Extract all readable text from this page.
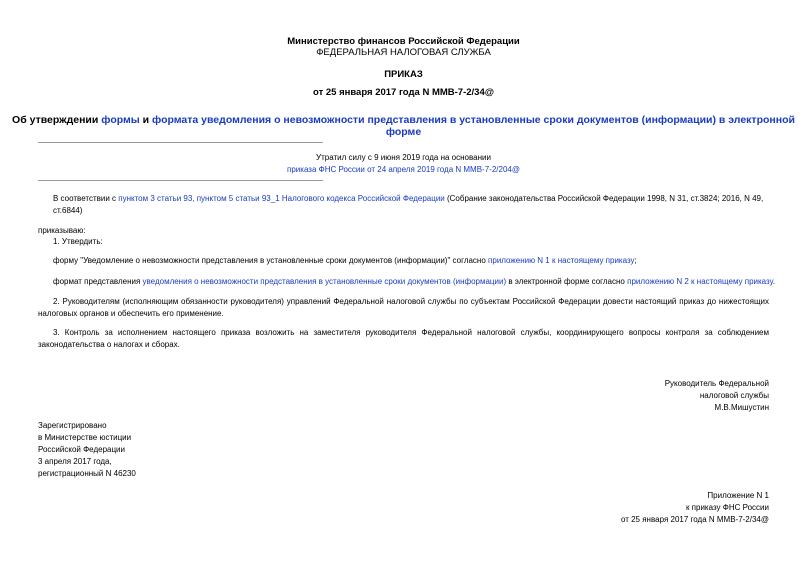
Министерство финансов Российской Федерации
ФЕДЕРАЛЬНАЯ НАЛОГОВАЯ СЛУЖБА
ПРИКАЗ
от 25 января 2017 года N ММВ-7-2/34@
Об утверждении формы и формата уведомления о невозможности представления в установленные сроки документов (информации) в электронной форме
Утратил силу с 9 июня 2019 года на основании
приказа ФНС России от 24 апреля 2019 года N ММВ-7-2/204@
В соответствии с пунктом 3 статьи 93, пунктом 5 статьи 93_1 Налогового кодекса Российской Федерации (Собрание законодательства Российской Федерации 1998, N 31, ст.3824; 2016, N 49, ст.6844)
приказываю:
1. Утвердить:
форму "Уведомление о невозможности представления в установленные сроки документов (информации)" согласно приложению N 1 к настоящему приказу;
формат представления уведомления о невозможности представления в установленные сроки документов (информации) в электронной форме согласно приложению N 2 к настоящему приказу.
2. Руководителям (исполняющим обязанности руководителя) управлений Федеральной налоговой службы по субъектам Российской Федерации довести настоящий приказ до нижестоящих налоговых органов и обеспечить его применение.
3. Контроль за исполнением настоящего приказа возложить на заместителя руководителя Федеральной налоговой службы, координирующего вопросы контроля за соблюдением законодательства о налогах и сборах.
Руководитель Федеральной
налоговой службы
М.В.Мишустин
Зарегистрировано
в Министерстве юстиции
Российской Федерации
3 апреля 2017 года,
регистрационный N 46230
Приложение N 1
к приказу ФНС России
от 25 января 2017 года N ММВ-7-2/34@
